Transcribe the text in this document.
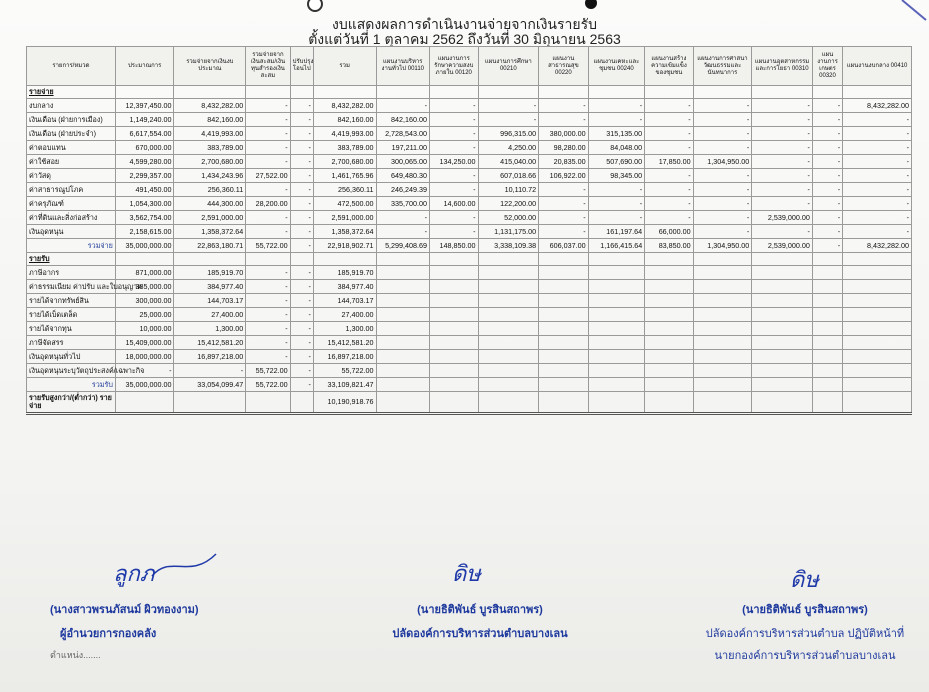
งบแสดงผลการดำเนินงานจ่ายจากเงินรายรับ
ตั้งแต่วันที่ 1 ตุลาคม 2562 ถึงวันที่ 30 มิถุนายน 2563
รายการ/หมวด	ประมาณการ	รวมจ่ายจากเงินงบประมาณ	รวมจ่ายจากเงินสะสม/เงินทุนสำรองเงินสะสม	ปรับปรุงโอนไป	รวม	แผนงานบริหารงานทั่วไป 00110	แผนงานการรักษาความสงบภายใน 00120	แผนงานการศึกษา 00210	แผนงานสาธารณสุข 00220	แผนงานเคหะและชุมชน 00240	แผนงานสร้างความเข้มแข็งของชุมชน	แผนงานการศาสนา วัฒนธรรมและนันทนาการ	แผนงานอุตสาหกรรมและการโยธา 00310	แผนงานการเกษตร 00320	แผนงานงบกลาง 00410
รายจ่าย															
งบกลาง	12,397,450.00	8,432,282.00	-	-	8,432,282.00	-	-	-	-	-	-	-	-	-	8,432,282.00
เงินเดือน (ฝ่ายการเมือง)	1,149,240.00	842,160.00	-	-	842,160.00	842,160.00	-	-	-	-	-	-	-	-	-
เงินเดือน (ฝ่ายประจำ)	6,617,554.00	4,419,993.00	-	-	4,419,993.00	2,728,543.00	-	996,315.00	380,000.00	315,135.00	-	-	-	-	-
ค่าตอบแทน	670,000.00	383,789.00	-	-	383,789.00	197,211.00	-	4,250.00	98,280.00	84,048.00	-	-	-	-	-
ค่าใช้สอย	4,599,280.00	2,700,680.00	-	-	2,700,680.00	300,065.00	134,250.00	415,040.00	20,835.00	507,690.00	17,850.00	1,304,950.00	-	-	-
ค่าวัสดุ	2,299,357.00	1,434,243.96	27,522.00	-	1,461,765.96	649,480.30	-	607,018.66	106,922.00	98,345.00	-	-	-	-	-
ค่าสาธารณูปโภค	491,450.00	256,360.11	-	-	256,360.11	246,249.39	-	10,110.72	-	-	-	-	-	-	-
ค่าครุภัณฑ์	1,054,300.00	444,300.00	28,200.00	-	472,500.00	335,700.00	14,600.00	122,200.00	-	-	-	-	-	-	-
ค่าที่ดินและสิ่งก่อสร้าง	3,562,754.00	2,591,000.00	-	-	2,591,000.00	-	-	52,000.00	-	-	-	-	2,539,000.00	-	-
เงินอุดหนุน	2,158,615.00	1,358,372.64	-	-	1,358,372.64	-	-	1,131,175.00	-	161,197.64	66,000.00	-	-	-	-
รวมจ่าย	35,000,000.00	22,863,180.71	55,722.00	-	22,918,902.71	5,299,408.69	148,850.00	3,338,109.38	606,037.00	1,166,415.64	83,850.00	1,304,950.00	2,539,000.00	-	8,432,282.00
รายรับ															
ภาษีอากร	871,000.00	185,919.70	-	-	185,919.70										
ค่าธรรมเนียม ค่าปรับ และใบอนุญาต	385,000.00	384,977.40	-	-	384,977.40										
รายได้จากทรัพย์สิน	300,000.00	144,703.17	-	-	144,703.17										
รายได้เบ็ดเตล็ด	25,000.00	27,400.00	-	-	27,400.00										
รายได้จากทุน	10,000.00	1,300.00	-	-	1,300.00										
ภาษีจัดสรร	15,409,000.00	15,412,581.20	-	-	15,412,581.20										
เงินอุดหนุนทั่วไป	18,000,000.00	16,897,218.00	-	-	16,897,218.00										
เงินอุดหนุนระบุวัตถุประสงค์/เฉพาะกิจ	-	-	55,722.00	-	55,722.00										
รวมรับ	35,000,000.00	33,054,099.47	55,722.00	-	33,109,821.47										
รายรับสูงกว่า/(ต่ำกว่า) รายจ่าย					10,190,918.76										
ลูกภ
(นางสาวพรนภัสนม์ ผิวทองงาม)
ผู้อำนวยการกองคลัง
ตำแหน่ง.......
ดิษ
(นายธิติพันธ์ บูรสินสถาพร)
ปลัดองค์การบริหารส่วนตำบลบางเลน
ดิษ
(นายธิติพันธ์ บูรสินสถาพร)
ปลัดองค์การบริหารส่วนตำบล ปฏิบัติหน้าที่
นายกองค์การบริหารส่วนตำบลบางเลน
